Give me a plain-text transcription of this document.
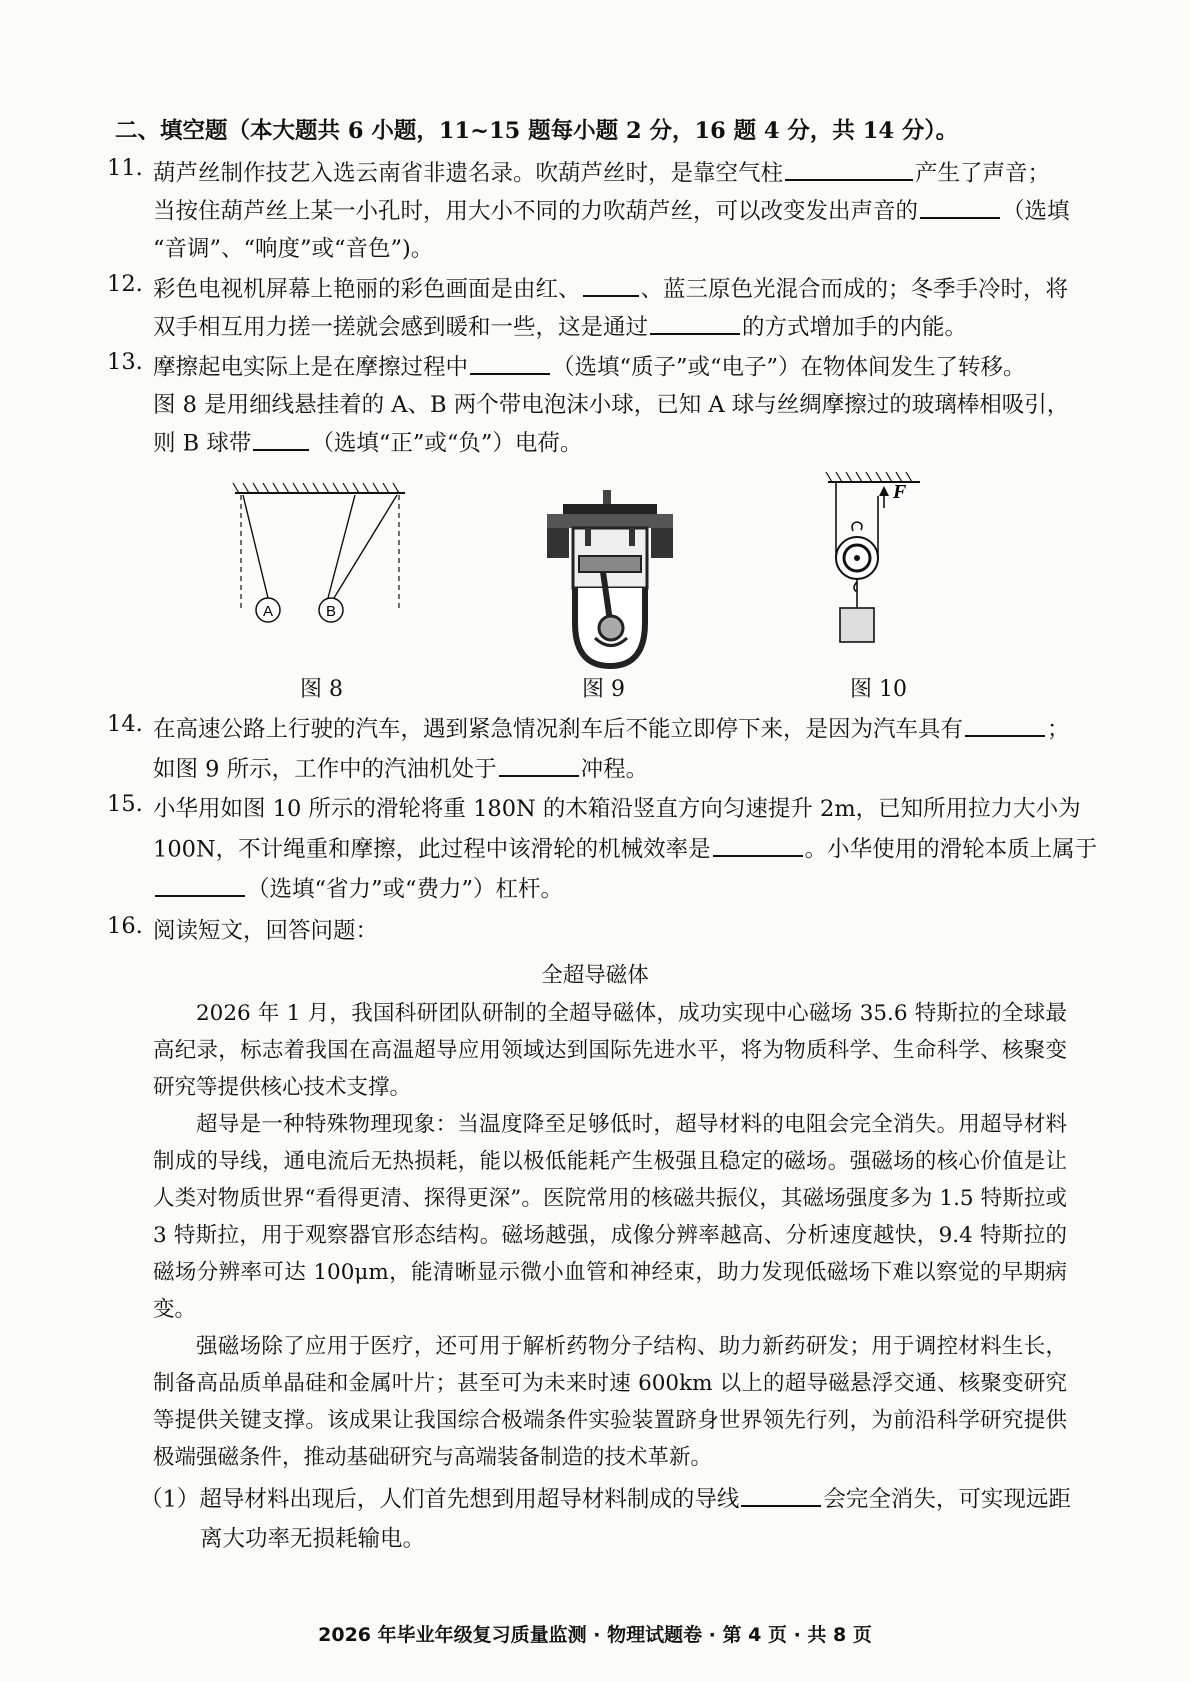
二、填空题（本大题共 6 小题，11~15 题每小题 2 分，16 题 4 分，共 14 分）。
11. 葫芦丝制作技艺入选云南省非遗名录。吹葫芦丝时，是靠空气柱	产生了声音；
当按住葫芦丝上某一小孔时，用大小不同的力吹葫芦丝，可以改变发出声音的	（选填
“音调”、“响度”或“音色”)。
12. 彩色电视机屏幕上艳丽的彩色画面是由红、	、蓝三原色光混合而成的；冬季手冷时，将
双手相互用力搓一搓就会感到暖和一些，这是通过	的方式增加手的内能。
13. 摩擦起电实际上是在摩擦过程中	（选填“质子”或“电子”）在物体间发生了转移。
图 8 是用细线悬挂着的 A、B 两个带电泡沫小球，已知 A 球与丝绸摩擦过的玻璃棒相吸引，
则 B 球带	（选填“正”或“负”）电荷。
A	B
图 8	图 9
F
图 10
14. 在高速公路上行驶的汽车，遇到紧急情况刹车后不能立即停下来，是因为汽车具有	；
如图 9 所示，工作中的汽油机处于	冲程。
15. 小华用如图 10 所示的滑轮将重 180N 的木箱沿竖直方向匀速提升 2m，已知所用拉力大小为
100N，不计绳重和摩擦，此过程中该滑轮的机械效率是	。小华使用的滑轮本质上属于
（选填“省力”或“费力”）杠杆。
16. 阅读短文，回答问题：
全超导磁体

2026 年 1 月，我国科研团队研制的全超导磁体，成功实现中心磁场 35.6 特斯拉的全球最高纪录，标志着我国在高温超导应用领域达到国际先进水平，将为物质科学、生命科学、核聚变研究等提供核心技术支撑。

超导是一种特殊物理现象：当温度降至足够低时，超导材料的电阻会完全消失。用超导材料制成的导线，通电流后无热损耗，能以极低能耗产生极强且稳定的磁场。强磁场的核心价值是让人类对物质世界“看得更清、探得更深”。医院常用的核磁共振仪，其磁场强度多为 1.5 特斯拉或 3 特斯拉，用于观察器官形态结构。磁场越强，成像分辨率越高、分析速度越快，9.4 特斯拉的磁场分辨率可达 100μm，能清晰显示微小血管和神经束，助力发现低磁场下难以察觉的早期病变。

强磁场除了应用于医疗，还可用于解析药物分子结构、助力新药研发；用于调控材料生长，制备高品质单晶硅和金属叶片；甚至可为未来时速 600km 以上的超导磁悬浮交通、核聚变研究等提供关键支撑。该成果让我国综合极端条件实验装置跻身世界领先行列，为前沿科学研究提供极端强磁条件，推动基础研究与高端装备制造的技术革新。

（1）超导材料出现后，人们首先想到用超导材料制成的导线	会完全消失，可实现远距
离大功率无损耗输电。
2026 年毕业年级复习质量监测 · 物理试题卷 · 第 4 页 · 共 8 页
